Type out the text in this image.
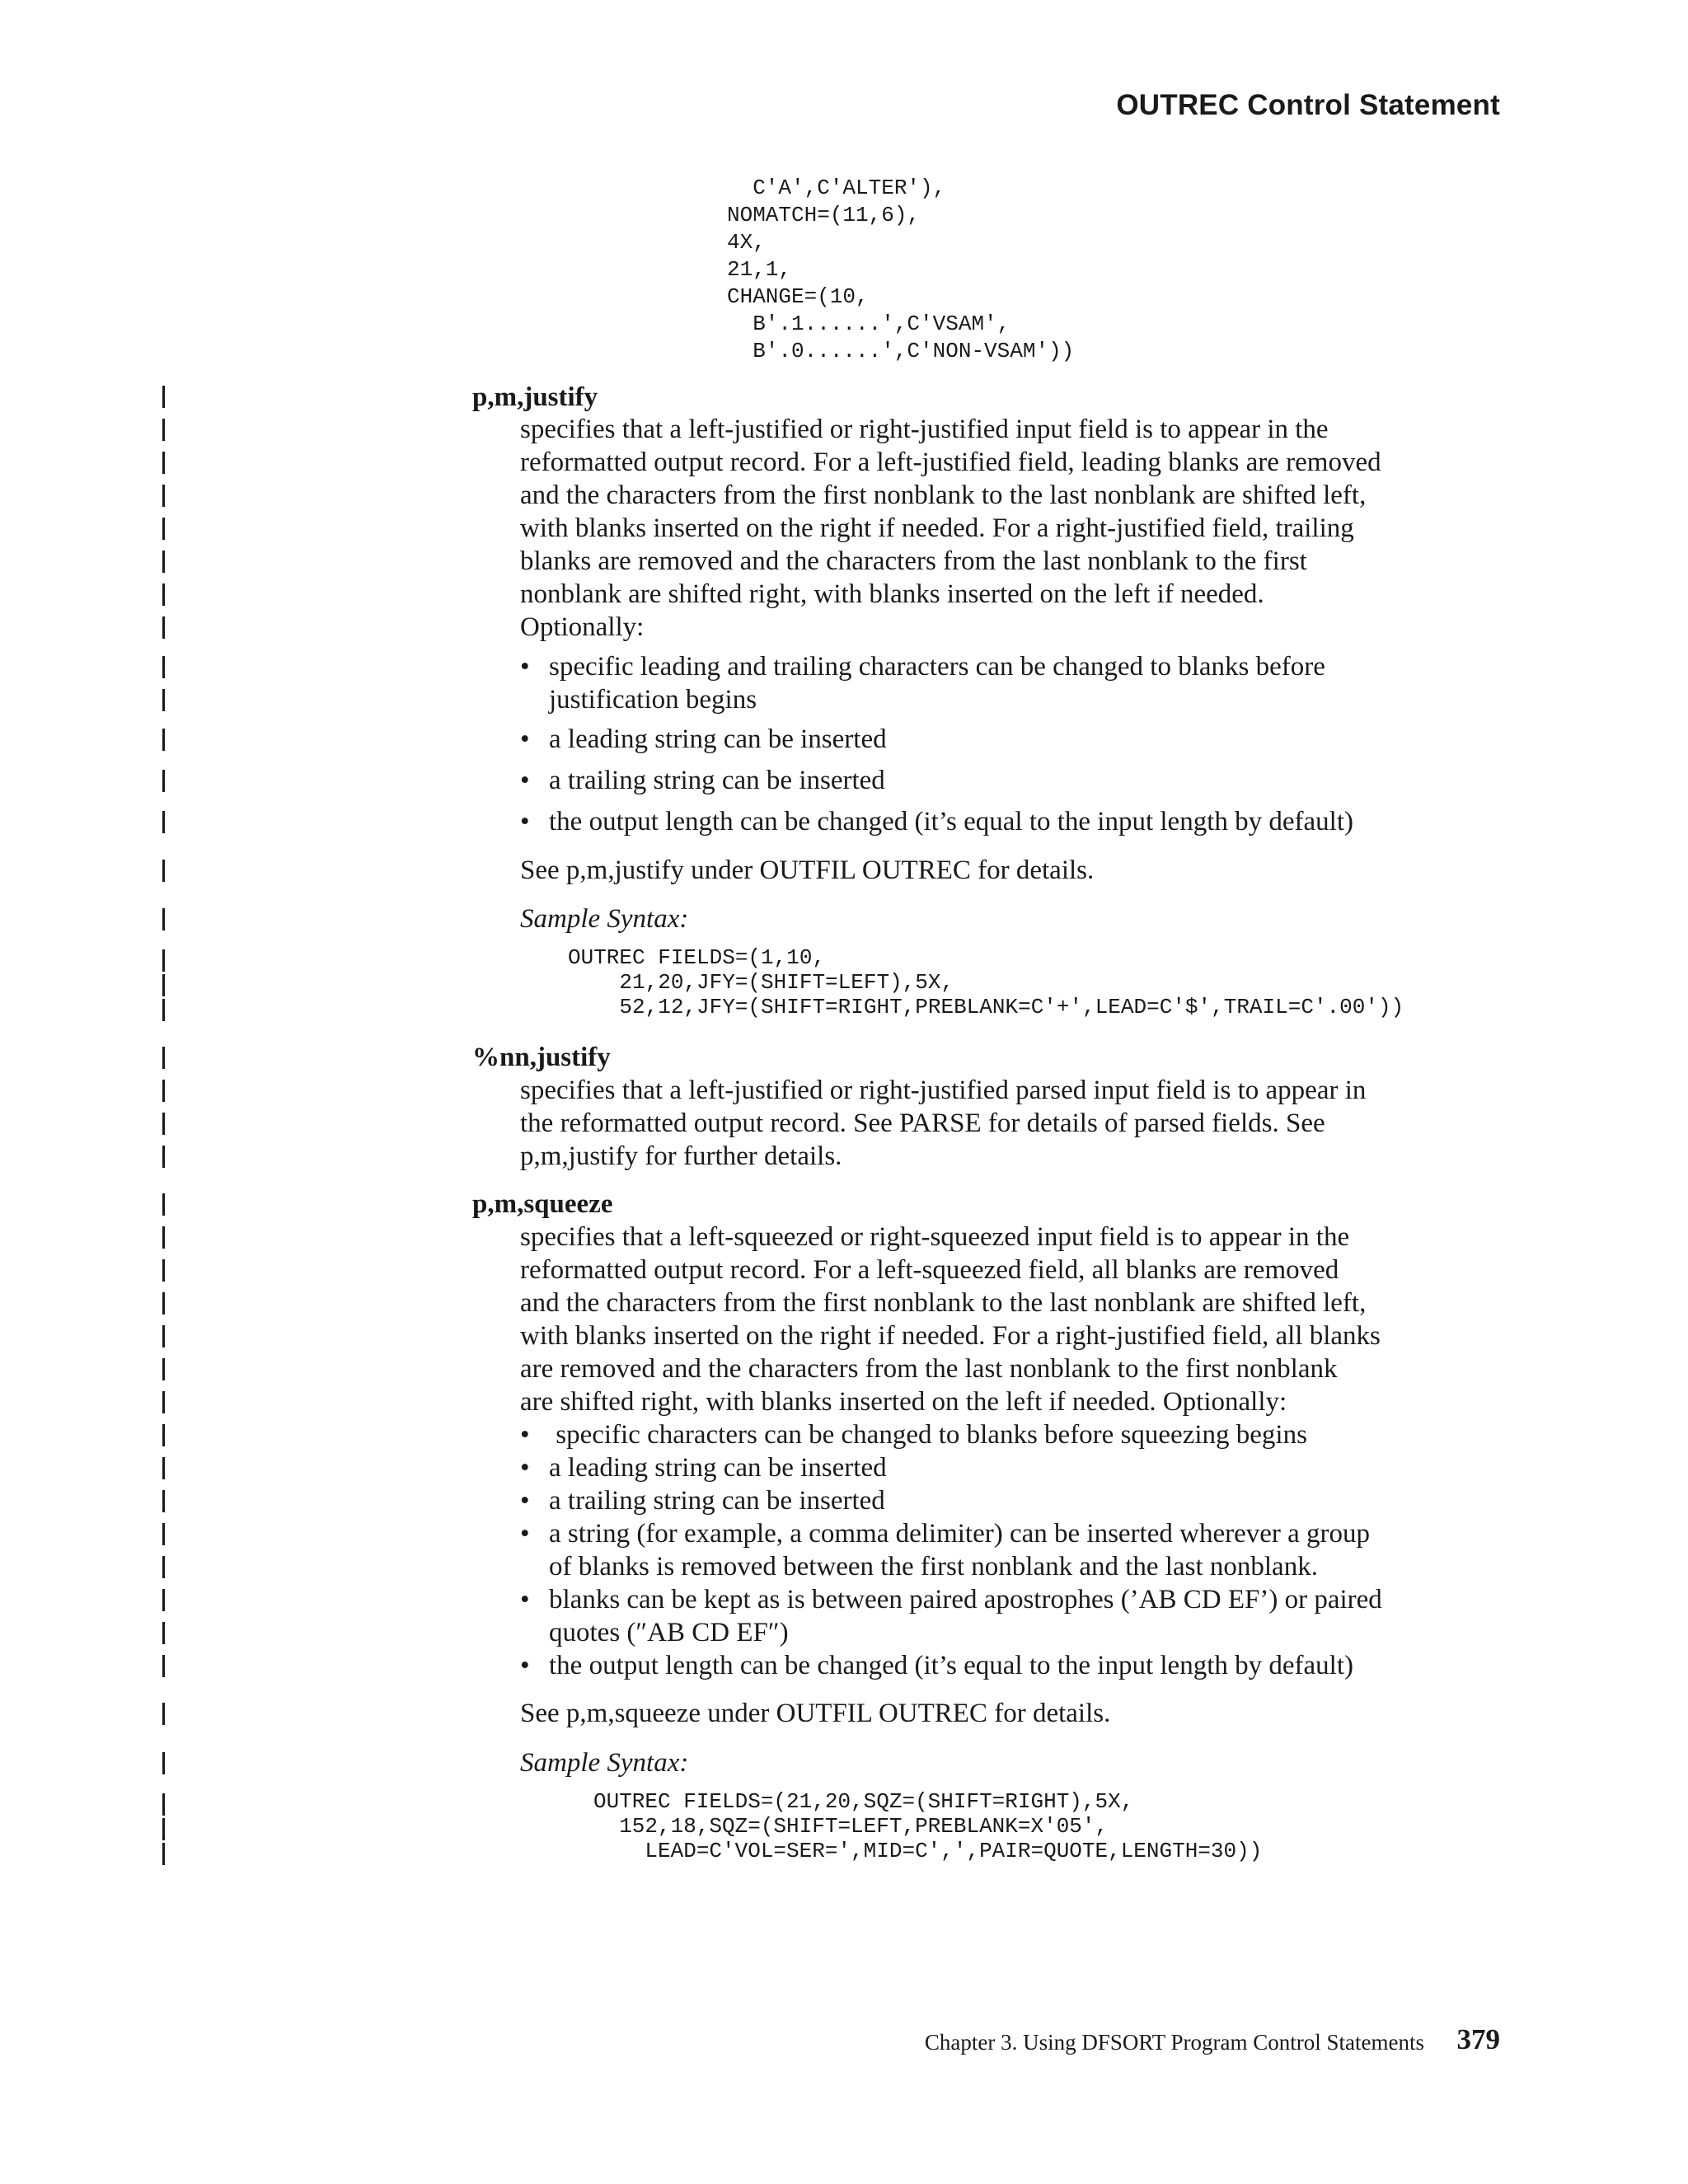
OUTREC Control Statement
C'A',C'ALTER'),
NOMATCH=(11,6),
4X,
21,1,
CHANGE=(10,
B'.1......',C'VSAM',
B'.0......',C'NON-VSAM'))
p,m,justify
specifies that a left-justified or right-justified input field is to appear in the
reformatted output record. For a left-justified field, leading blanks are removed
and the characters from the first nonblank to the last nonblank are shifted left,
with blanks inserted on the right if needed. For a right-justified field, trailing
blanks are removed and the characters from the last nonblank to the first
nonblank are shifted right, with blanks inserted on the left if needed.
Optionally:
• specific leading and trailing characters can be changed to blanks before
justification begins
• a leading string can be inserted
• a trailing string can be inserted
• the output length can be changed (it’s equal to the input length by default)
See p,m,justify under OUTFIL OUTREC for details.
Sample Syntax:
OUTREC FIELDS=(1,10,
21,20,JFY=(SHIFT=LEFT),5X,
52,12,JFY=(SHIFT=RIGHT,PREBLANK=C'+',LEAD=C'$',TRAIL=C'.00'))
%nn,justify
specifies that a left-justified or right-justified parsed input field is to appear in
the reformatted output record. See PARSE for details of parsed fields. See
p,m,justify for further details.
p,m,squeeze
specifies that a left-squeezed or right-squeezed input field is to appear in the
reformatted output record. For a left-squeezed field, all blanks are removed
and the characters from the first nonblank to the last nonblank are shifted left,
with blanks inserted on the right if needed. For a right-justified field, all blanks
are removed and the characters from the last nonblank to the first nonblank
are shifted right, with blanks inserted on the left if needed. Optionally:
• specific characters can be changed to blanks before squeezing begins
• a leading string can be inserted
• a trailing string can be inserted
• a string (for example, a comma delimiter) can be inserted wherever a group
of blanks is removed between the first nonblank and the last nonblank.
• blanks can be kept as is between paired apostrophes (’AB CD EF’) or paired
quotes (″AB CD EF″)
• the output length can be changed (it’s equal to the input length by default)
See p,m,squeeze under OUTFIL OUTREC for details.
Sample Syntax:
OUTREC FIELDS=(21,20,SQZ=(SHIFT=RIGHT),5X,
152,18,SQZ=(SHIFT=LEFT,PREBLANK=X'05',
LEAD=C'VOL=SER=',MID=C',',PAIR=QUOTE,LENGTH=30))
Chapter 3. Using DFSORT Program Control Statements 379
